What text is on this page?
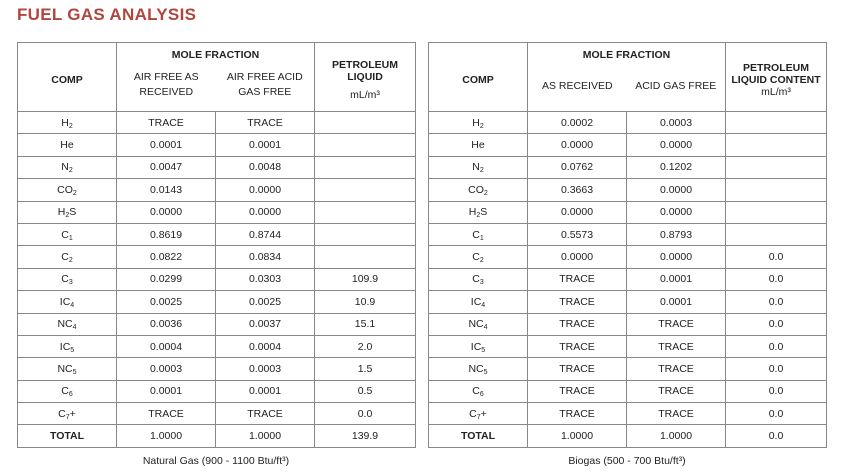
FUEL GAS ANALYSIS
COMP	MOLE FRACTION		PETROLEUM LIQUID
mL/m³

	AIR FREE AS RECEIVED	AIR FREE ACID GAS FREE	
$H_2$	TRACE	TRACE	
He	0.0001	0.0001	
$N_2$	0.0047	0.0048	
$CO_2$	0.0143	0.0000	
$H_2S$	0.0000	0.0000	
$C_1$	0.8619	0.8744	
$C_2$	0.0822	0.0834	
$C_3$	0.0299	0.0303	109.9
$IC_4$	0.0025	0.0025	10.9
$NC_4$	0.0036	0.0037	15.1
$IC_5$	0.0004	0.0004	2.0
$NC_5$	0.0003	0.0003	1.5
$C_6$	0.0001	0.0001	0.5
$C_7+$	TRACE	TRACE	0.0
TOTAL	1.0000	1.0000	139.9
COMP	MOLE FRACTION		PETROLEUM LIQUID CONTENT
mL/m³

	AS RECEIVED	ACID GAS FREE	
$H_2$	0.0002	0.0003	
He	0.0000	0.0000	
$N_2$	0.0762	0.1202	
$CO_2$	0.3663	0.0000	
$H_2S$	0.0000	0.0000	
$C_1$	0.5573	0.8793	
$C_2$	0.0000	0.0000	0.0
$C_3$	TRACE	0.0001	0.0
$IC_4$	TRACE	0.0001	0.0
$NC_4$	TRACE	TRACE	0.0
$IC_5$	TRACE	TRACE	0.0
$NC_5$	TRACE	TRACE	0.0
$C_6$	TRACE	TRACE	0.0
$C_7+$	TRACE	TRACE	0.0
TOTAL	1.0000	1.0000	0.0
Natural Gas (900 - 1100 Btu/ft³)	Biogas (500 - 700 Btu/ft³)
